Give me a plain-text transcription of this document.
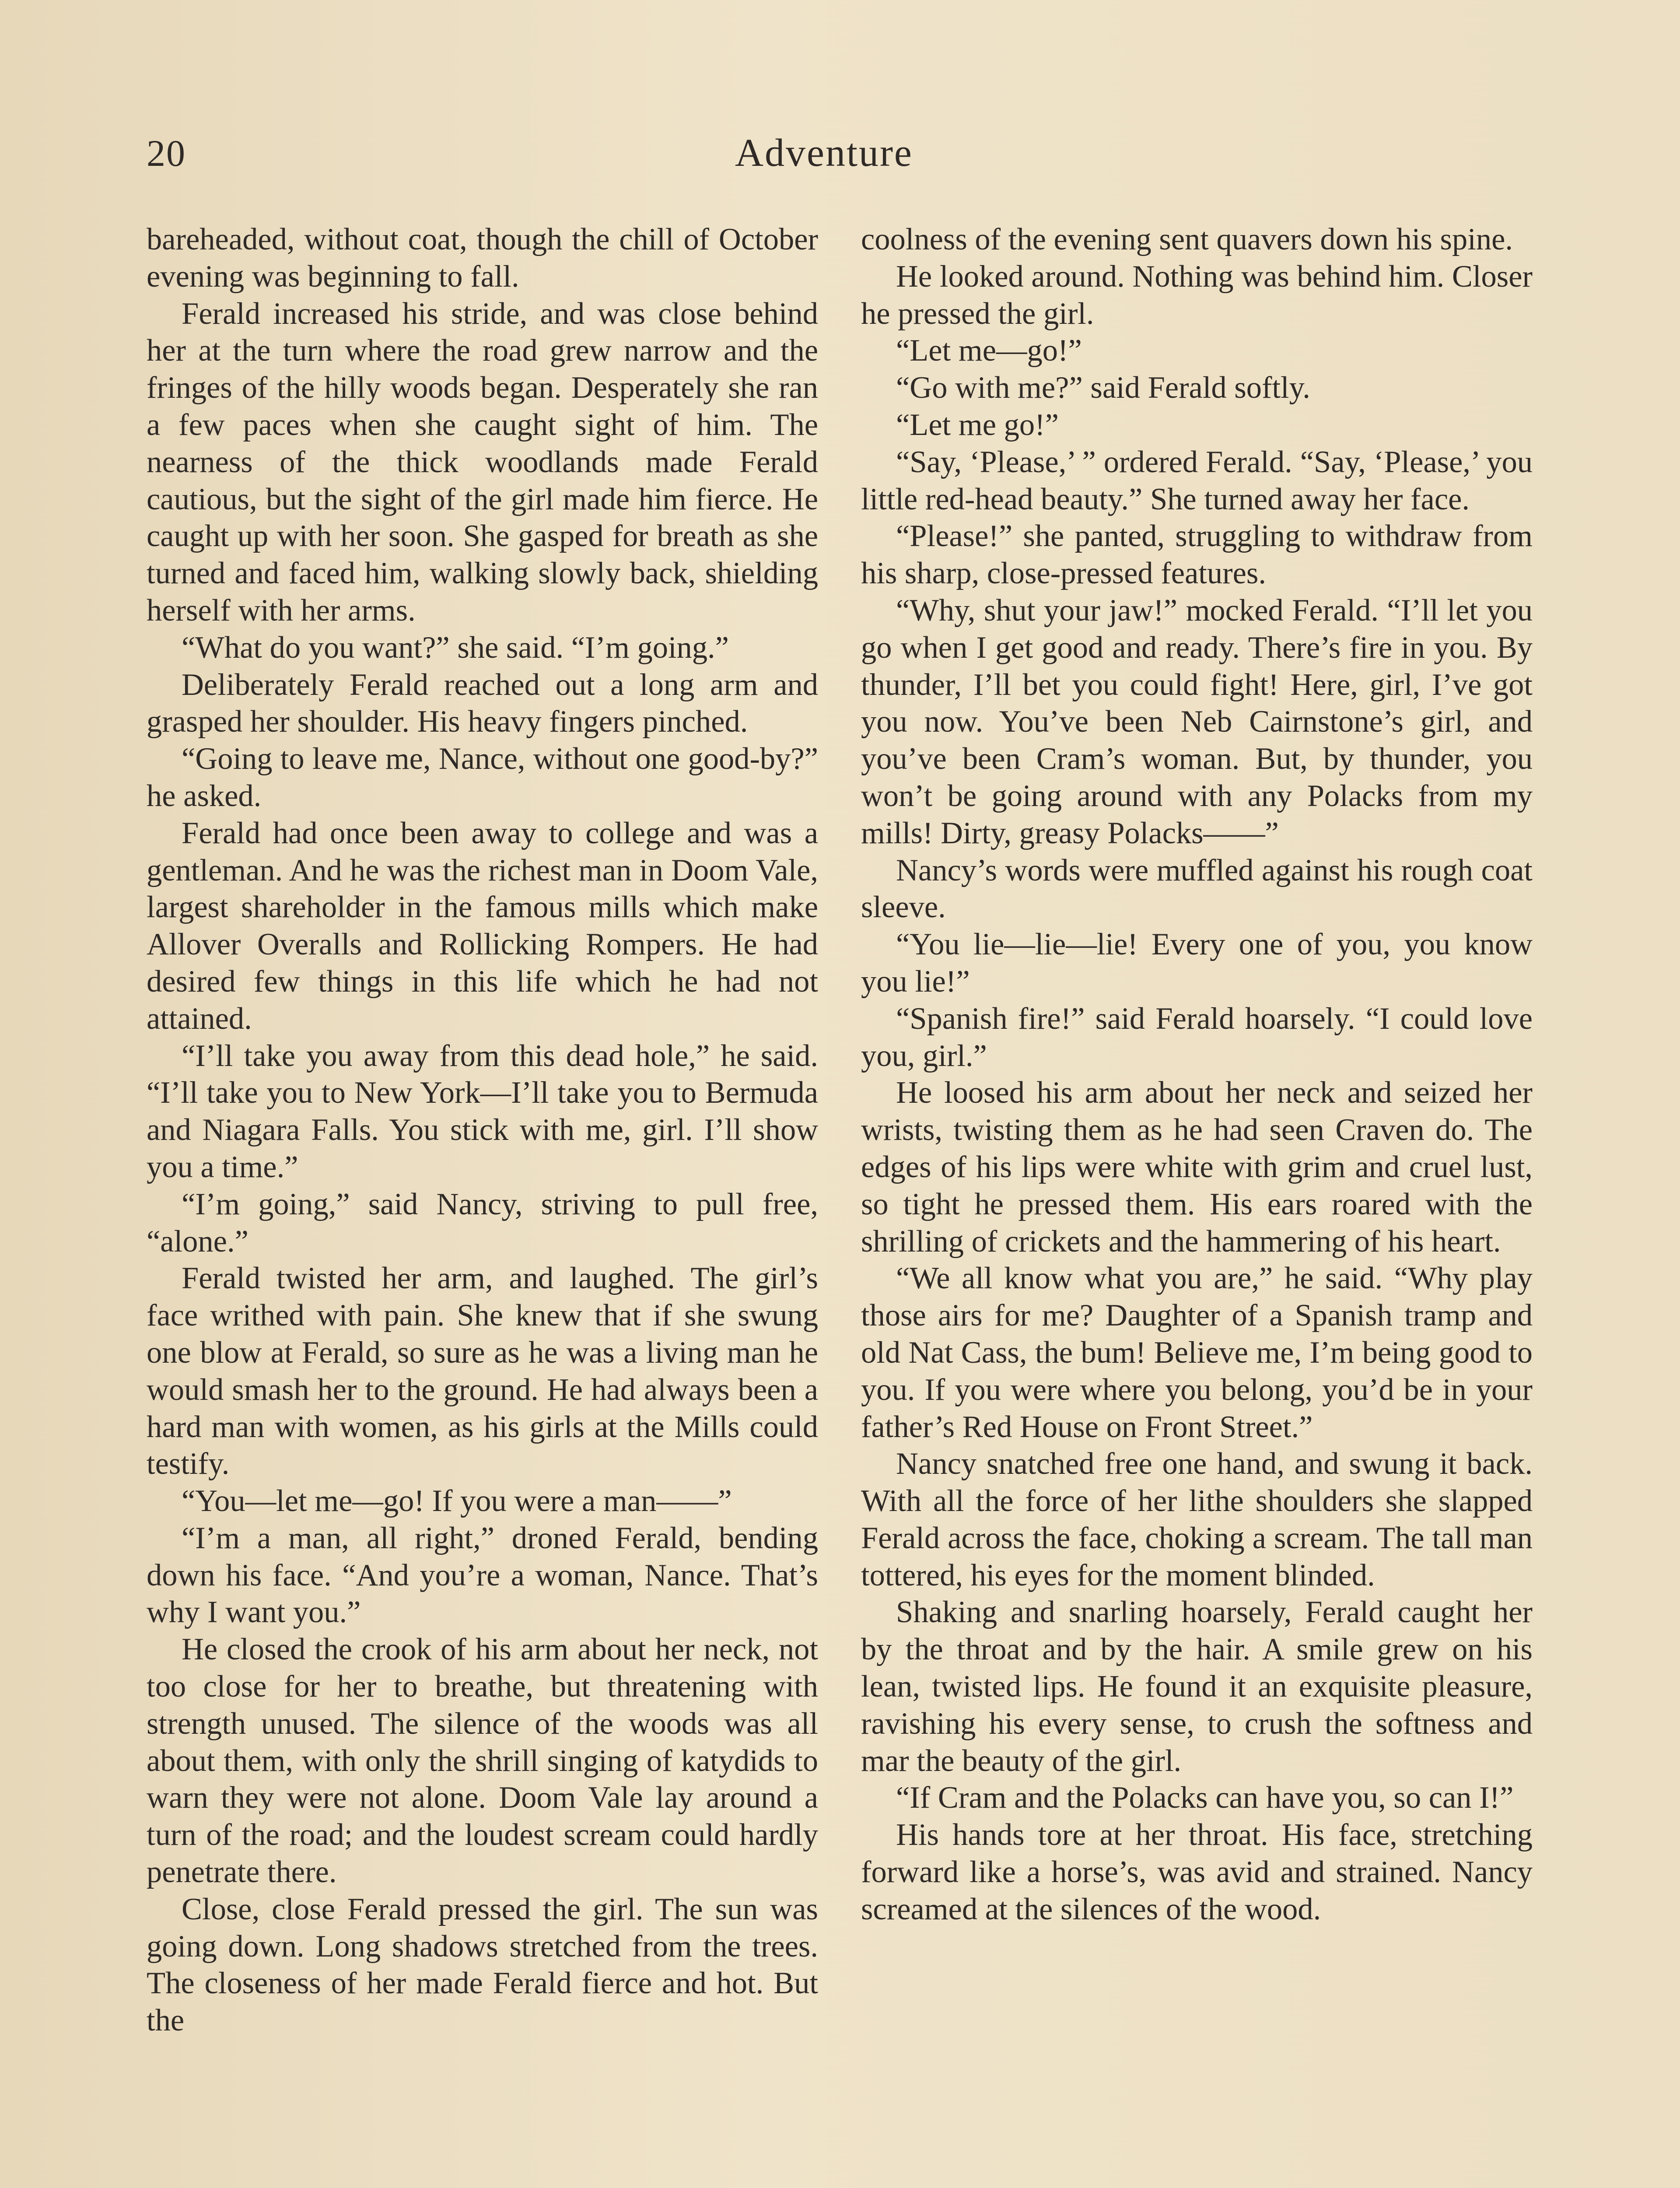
20	Adventure

bareheaded, without coat, though the chill of October evening was beginning to fall.

Ferald increased his stride, and was close behind her at the turn where the road grew narrow and the fringes of the hilly woods began. Desperately she ran a few paces when she caught sight of him. The nearness of the thick woodlands made Ferald cautious, but the sight of the girl made him fierce. He caught up with her soon. She gasped for breath as she turned and faced him, walking slowly back, shielding herself with her arms.

“What do you want?” she said. “I’m going.”

Deliberately Ferald reached out a long arm and grasped her shoulder. His heavy fingers pinched.

“Going to leave me, Nance, without one good-by?” he asked.

Ferald had once been away to college and was a gentleman. And he was the richest man in Doom Vale, largest shareholder in the famous mills which make Allover Overalls and Rollicking Rompers. He had desired few things in this life which he had not attained.

“I’ll take you away from this dead hole,” he said. “I’ll take you to New York—I’ll take you to Bermuda and Niagara Falls. You stick with me, girl. I’ll show you a time.”

“I’m going,” said Nancy, striving to pull free, “alone.”

Ferald twisted her arm, and laughed. The girl’s face writhed with pain. She knew that if she swung one blow at Ferald, so sure as he was a living man he would smash her to the ground. He had always been a hard man with women, as his girls at the Mills could testify.

“You—let me—go! If you were a man——”

“I’m a man, all right,” droned Ferald, bending down his face. “And you’re a woman, Nance. That’s why I want you.”

He closed the crook of his arm about her neck, not too close for her to breathe, but threatening with strength unused. The silence of the woods was all about them, with only the shrill singing of katydids to warn they were not alone. Doom Vale lay around a turn of the road; and the loudest scream could hardly penetrate there.

Close, close Ferald pressed the girl. The sun was going down. Long shadows stretched from the trees. The closeness of her made Ferald fierce and hot. But the

coolness of the evening sent quavers down his spine.

He looked around. Nothing was behind him. Closer he pressed the girl.

“Let me—go!”

“Go with me?” said Ferald softly.

“Let me go!”

“Say, ‘Please,’ ” ordered Ferald. “Say, ‘Please,’ you little red-head beauty.” She turned away her face.

“Please!” she panted, struggling to withdraw from his sharp, close-pressed features.

“Why, shut your jaw!” mocked Ferald. “I’ll let you go when I get good and ready. There’s fire in you. By thunder, I’ll bet you could fight! Here, girl, I’ve got you now. You’ve been Neb Cairnstone’s girl, and you’ve been Cram’s woman. But, by thunder, you won’t be going around with any Polacks from my mills! Dirty, greasy Polacks——”

Nancy’s words were muffled against his rough coat sleeve.

“You lie—lie—lie! Every one of you, you know you lie!”

“Spanish fire!” said Ferald hoarsely. “I could love you, girl.”

He loosed his arm about her neck and seized her wrists, twisting them as he had seen Craven do. The edges of his lips were white with grim and cruel lust, so tight he pressed them. His ears roared with the shrilling of crickets and the hammering of his heart.

“We all know what you are,” he said. “Why play those airs for me? Daughter of a Spanish tramp and old Nat Cass, the bum! Believe me, I’m being good to you. If you were where you belong, you’d be in your father’s Red House on Front Street.”

Nancy snatched free one hand, and swung it back. With all the force of her lithe shoulders she slapped Ferald across the face, choking a scream. The tall man tottered, his eyes for the moment blinded.

Shaking and snarling hoarsely, Ferald caught her by the throat and by the hair. A smile grew on his lean, twisted lips. He found it an exquisite pleasure, ravishing his every sense, to crush the softness and mar the beauty of the girl.

“If Cram and the Polacks can have you, so can I!”

His hands tore at her throat. His face, stretching forward like a horse’s, was avid and strained. Nancy screamed at the silences of the wood.
